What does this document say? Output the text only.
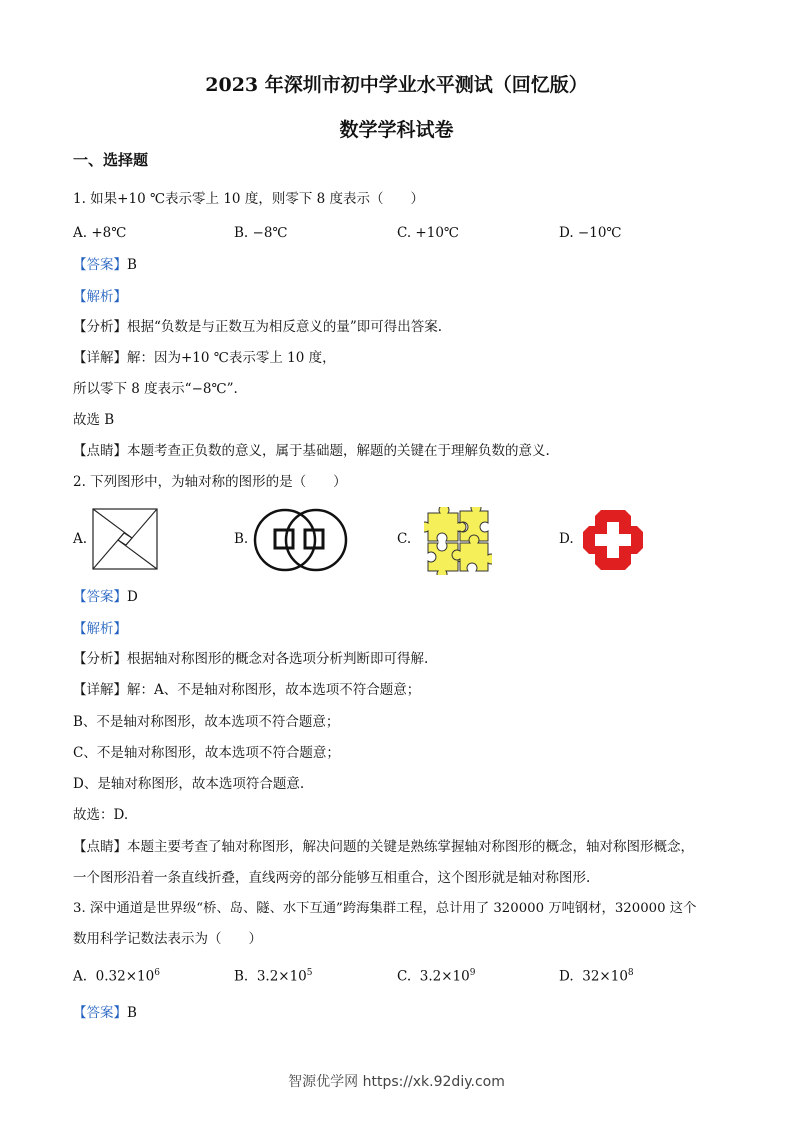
2023 年深圳市初中学业水平测试（回忆版）
数学学科试卷
一、选择题
1. 如果+10 ℃表示零上 10 度，则零下 8 度表示（　　）
A. +8℃	B. −8℃	C. +10℃	D. −10℃
【答案】B
【解析】
【分析】根据“负数是与正数互为相反意义的量”即可得出答案.
【详解】解：因为+10 ℃表示零上 10 度，
所以零下 8 度表示“−8℃”.
故选 B
【点睛】本题考查正负数的意义，属于基础题，解题的关键在于理解负数的意义.
2. 下列图形中，为轴对称的图形的是（　　）
A.	B.	C.	D.
【答案】D
【解析】
【分析】根据轴对称图形的概念对各选项分析判断即可得解.
【详解】解：A、不是轴对称图形，故本选项不符合题意；
B、不是轴对称图形，故本选项不符合题意；
C、不是轴对称图形，故本选项不符合题意；
D、是轴对称图形，故本选项符合题意.
故选：D.
【点睛】本题主要考查了轴对称图形，解决问题的关键是熟练掌握轴对称图形的概念，轴对称图形概念，
一个图形沿着一条直线折叠，直线两旁的部分能够互相重合，这个图形就是轴对称图形.
3. 深中通道是世界级“桥、岛、隧、水下互通”跨海集群工程，总计用了 320000 万吨钢材，320000 这个
数用科学记数法表示为（　　）
A. $0.32\times 10^6$	B. $3.2\times 10^5$	C. $3.2\times 10^9$	D. $32\times 10^8$
【答案】B
智源优学网 https://xk.92diy.com
